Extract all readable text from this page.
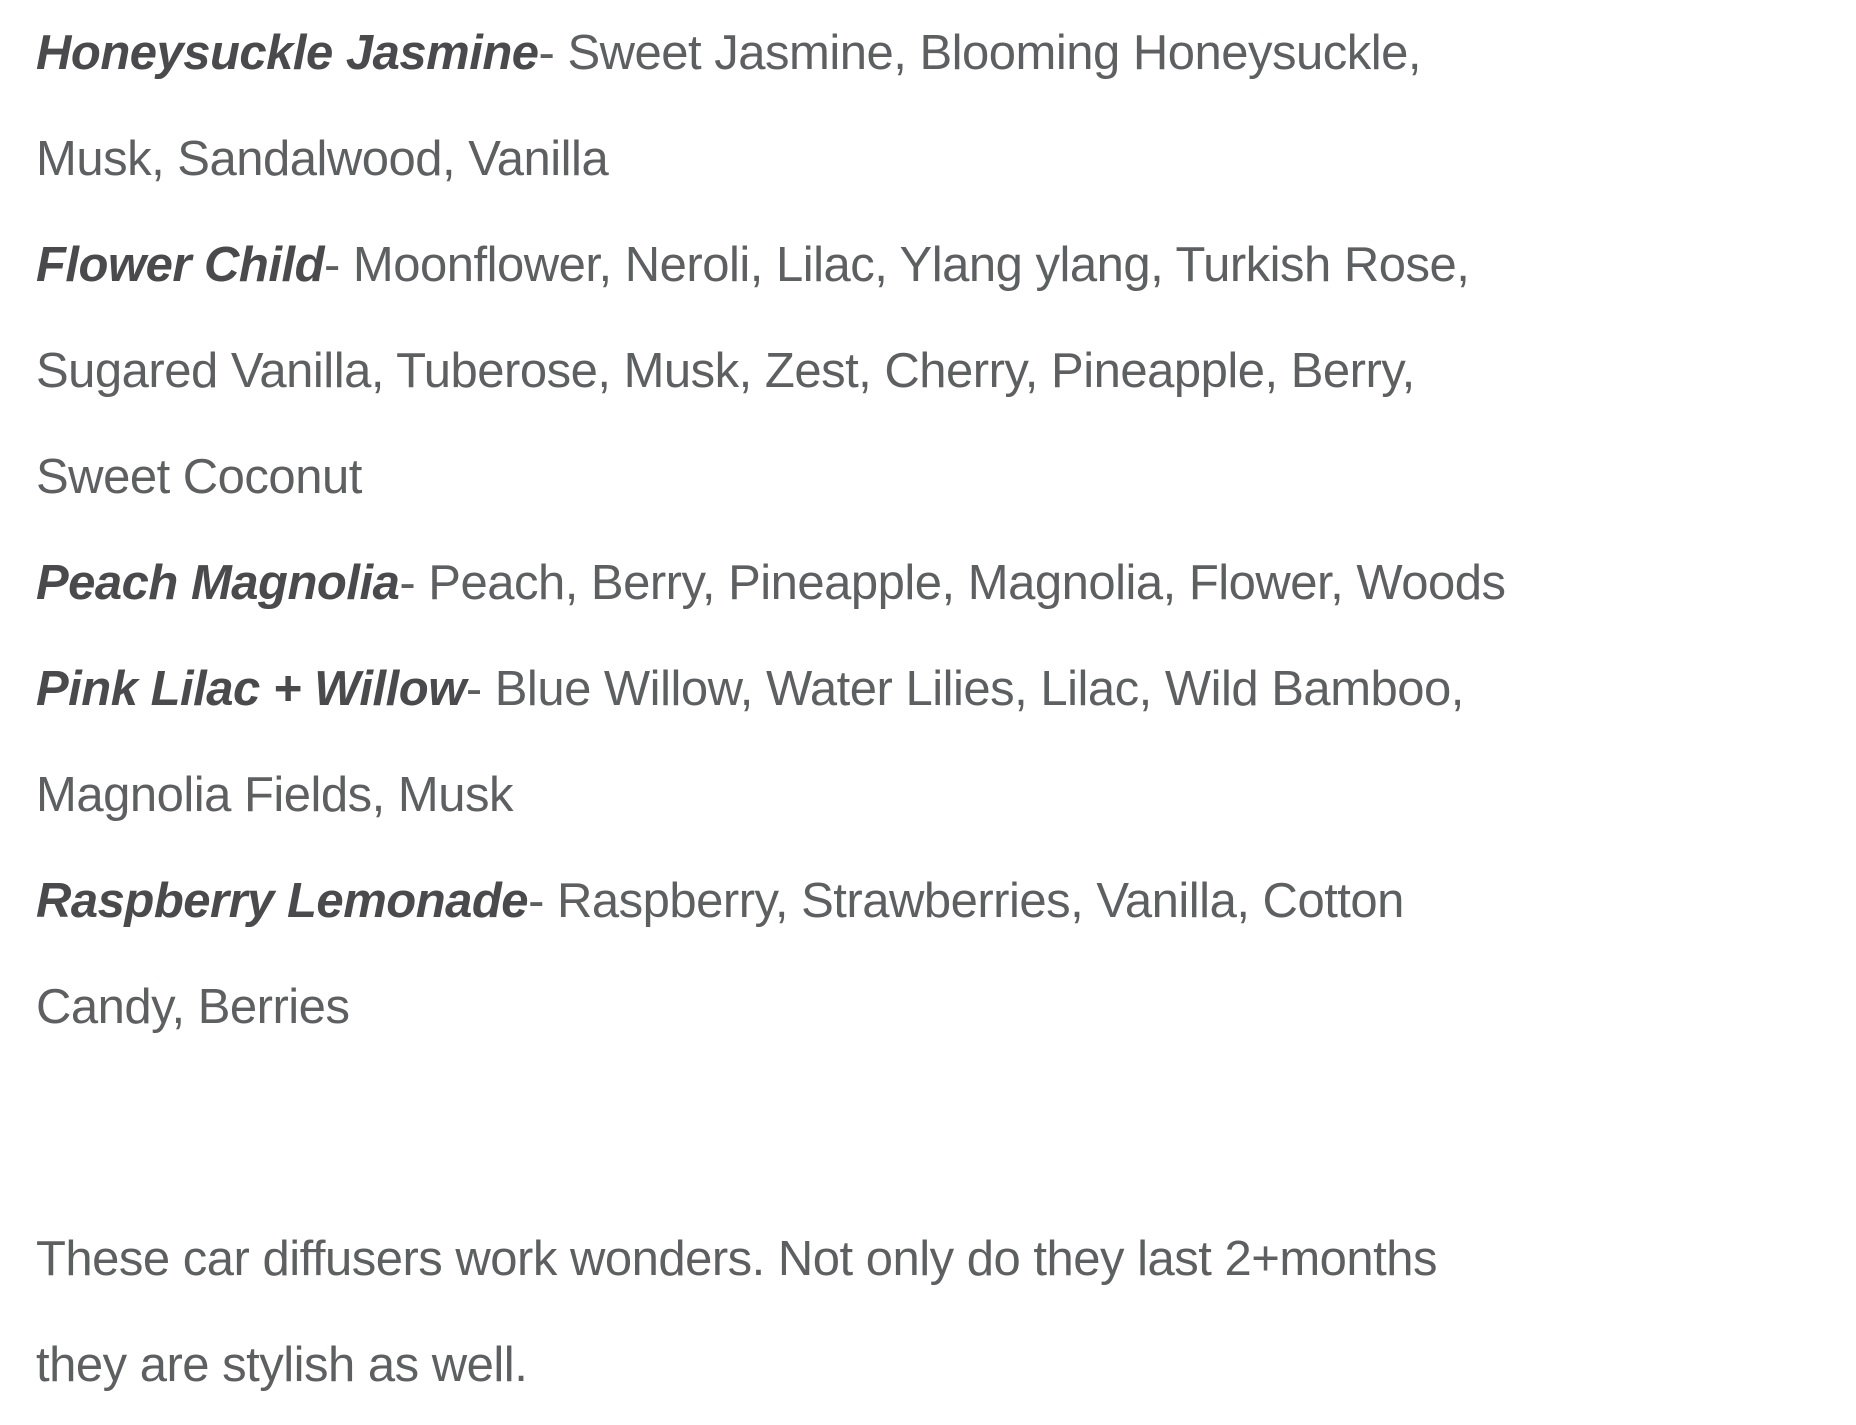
Honeysuckle Jasmine- Sweet Jasmine, Blooming Honeysuckle,
Musk, Sandalwood, Vanilla
Flower Child- Moonflower, Neroli, Lilac, Ylang ylang, Turkish Rose,
Sugared Vanilla, Tuberose, Musk, Zest, Cherry, Pineapple, Berry,
Sweet Coconut
Peach Magnolia- Peach, Berry, Pineapple, Magnolia, Flower, Woods
Pink Lilac + Willow- Blue Willow, Water Lilies, Lilac, Wild Bamboo,
Magnolia Fields, Musk
Raspberry Lemonade- Raspberry, Strawberries, Vanilla, Cotton
Candy, Berries
These car diffusers work wonders. Not only do they last 2+months
they are stylish as well.
